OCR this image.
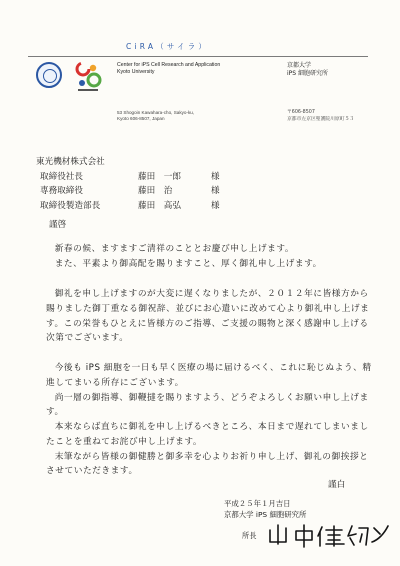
CiRA（サイラ）
Center for iPS Cell Research and Application
Kyoto University
53 Shogoin Kawahara-cho, Sakyo-ku,
Kyoto 606-8507, Japan
京都大学
iPS 細胞研究所
〒606-8507
京都市左京区聖護院川原町５３
東光機材株式会社
取締役社長	藤田　一郎	様
専務取締役	藤田　治	様
取締役製造部長	藤田　高弘	様
謹啓

新春の候、ますますご清祥のこととお慶び申し上げます。

また、平素より御高配を賜りますこと、厚く御礼申し上げます。

御礼を申し上げますのが大変に遅くなりましたが、２０１２年に皆様方から賜りました御丁重なる御祝辞、並びにお心遣いに改めて心より御礼申し上げます。この栄誉もひとえに皆様方のご指導、ご支援の賜物と深く感謝申し上げる次第でございます。

今後も iPS 細胞を一日も早く医療の場に届けるべく、これに恥じぬよう、精進してまいる所存にございます。

尚一層の御指導、御鞭撻を賜りますよう、どうぞよろしくお願い申し上げます。

本来ならば直ちに御礼を申し上げるべきところ、本日まで遅れてしまいましたことを重ねてお詫び申し上げます。

末筆ながら皆様の御健勝と御多幸を心よりお祈り申し上げ、御礼の御挨拶とさせていただきます。

謹白
平成２５年１月吉日
京都大学 iPS 細胞研究所
所長
